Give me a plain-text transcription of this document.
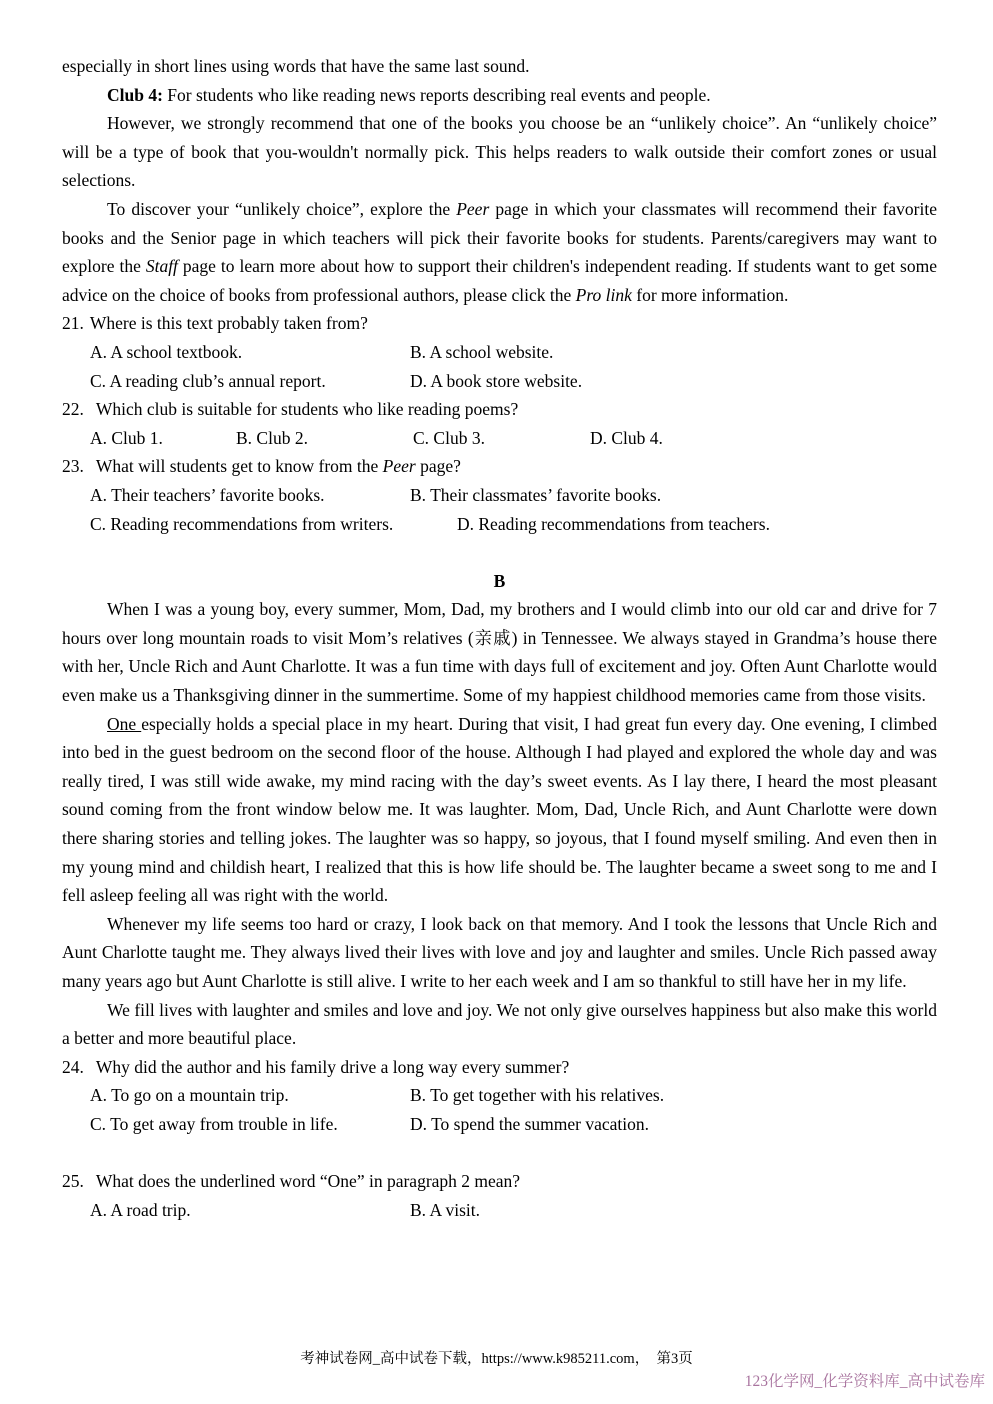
especially in short lines using words that have the same last sound.

Club 4: For students who like reading news reports describing real events and people.

However, we strongly recommend that one of the books you choose be an “unlikely choice”. An “unlikely choice” will be a type of book that you-wouldn't normally pick. This helps readers to walk outside their comfort zones or usual selections.

To discover your “unlikely choice”, explore the Peer page in which your classmates will recommend their favorite books and the Senior page in which teachers will pick their favorite books for students. Parents/caregivers may want to explore the Staff page to learn more about how to support their children's independent reading. If students want to get some advice on the choice of books from professional authors, please click the Pro link for more information.

21. Where is this text probably taken from?

A. A school textbook.	B. A school website.
C. A reading club’s annual report.	D. A book store website.

22. Which club is suitable for students who like reading poems?

A. Club 1.	B. Club 2.	C. Club 3.	D. Club 4.

23. What will students get to know from the Peer page?

A. Their teachers’ favorite books.	B. Their classmates’ favorite books.
C. Reading recommendations from writers.	D. Reading recommendations from teachers.

B

When I was a young boy, every summer, Mom, Dad, my brothers and I would climb into our old car and drive for 7 hours over long mountain roads to visit Mom’s relatives (亲戚) in Tennessee. We always stayed in Grandma’s house there with her, Uncle Rich and Aunt Charlotte. It was a fun time with days full of excitement and joy. Often Aunt Charlotte would even make us a Thanksgiving dinner in the summertime. Some of my happiest childhood memories came from those visits.

One especially holds a special place in my heart. During that visit, I had great fun every day. One evening, I climbed into bed in the guest bedroom on the second floor of the house. Although I had played and explored the whole day and was really tired, I was still wide awake, my mind racing with the day’s sweet events. As I lay there, I heard the most pleasant sound coming from the front window below me. It was laughter. Mom, Dad, Uncle Rich, and Aunt Charlotte were down there sharing stories and telling jokes. The laughter was so happy, so joyous, that I found myself smiling. And even then in my young mind and childish heart, I realized that this is how life should be. The laughter became a sweet song to me and I fell asleep feeling all was right with the world.

Whenever my life seems too hard or crazy, I look back on that memory. And I took the lessons that Uncle Rich and Aunt Charlotte taught me. They always lived their lives with love and joy and laughter and smiles. Uncle Rich passed away many years ago but Aunt Charlotte is still alive. I write to her each week and I am so thankful to still have her in my life.

We fill lives with laughter and smiles and love and joy. We not only give ourselves happiness but also make this world a better and more beautiful place.

24. Why did the author and his family drive a long way every summer?

A. To go on a mountain trip.	B. To get together with his relatives.
C. To get away from trouble in life.	D. To spend the summer vacation.

25. What does the underlined word “One” in paragraph 2 mean?

A. A road trip.	B. A visit.
考神试卷网_高中试卷下载，https://www.k985211.com，　第3页
123化学网_化学资料库_高中试卷库
